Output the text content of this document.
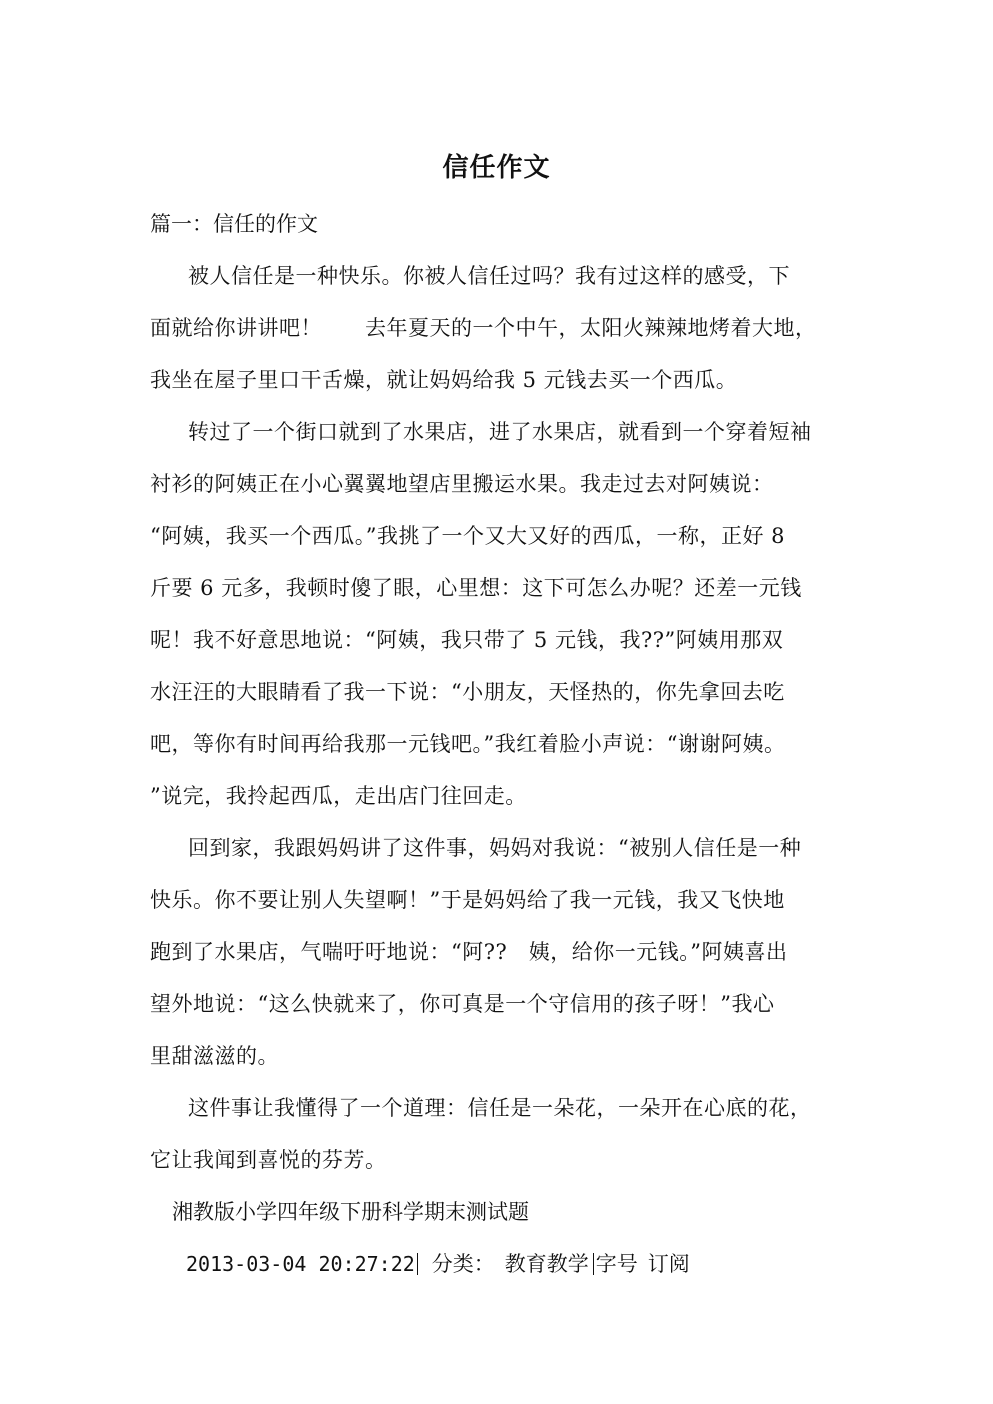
信任作文
篇一：信任的作文
被人信任是一种快乐。你被人信任过吗？我有过这样的感受，下
面就给你讲讲吧！　　去年夏天的一个中午，太阳火辣辣地烤着大地，
我坐在屋子里口干舌燥，就让妈妈给我 5 元钱去买一个西瓜。
转过了一个街口就到了水果店，进了水果店，就看到一个穿着短袖
衬衫的阿姨正在小心翼翼地望店里搬运水果。我走过去对阿姨说：
“阿姨，我买一个西瓜。”我挑了一个又大又好的西瓜，一称，正好 8
斤要 6 元多，我顿时傻了眼，心里想：这下可怎么办呢？还差一元钱
呢！我不好意思地说：“阿姨，我只带了 5 元钱，我??”阿姨用那双
水汪汪的大眼睛看了我一下说：“小朋友，天怪热的，你先拿回去吃
吧，等你有时间再给我那一元钱吧。”我红着脸小声说：“谢谢阿姨。
”说完，我拎起西瓜，走出店门往回走。
回到家，我跟妈妈讲了这件事，妈妈对我说：“被别人信任是一种
快乐。你不要让别人失望啊！”于是妈妈给了我一元钱，我又飞快地
跑到了水果店，气喘吁吁地说：“阿??　姨，给你一元钱。”阿姨喜出
望外地说：“这么快就来了，你可真是一个守信用的孩子呀！”我心
里甜滋滋的。
这件事让我懂得了一个道理：信任是一朵花，一朵开在心底的花，
它让我闻到喜悦的芬芳。
湘教版小学四年级下册科学期末测试题
2013-03-04 20:27:22 分类： 教育教学 字号 订阅
